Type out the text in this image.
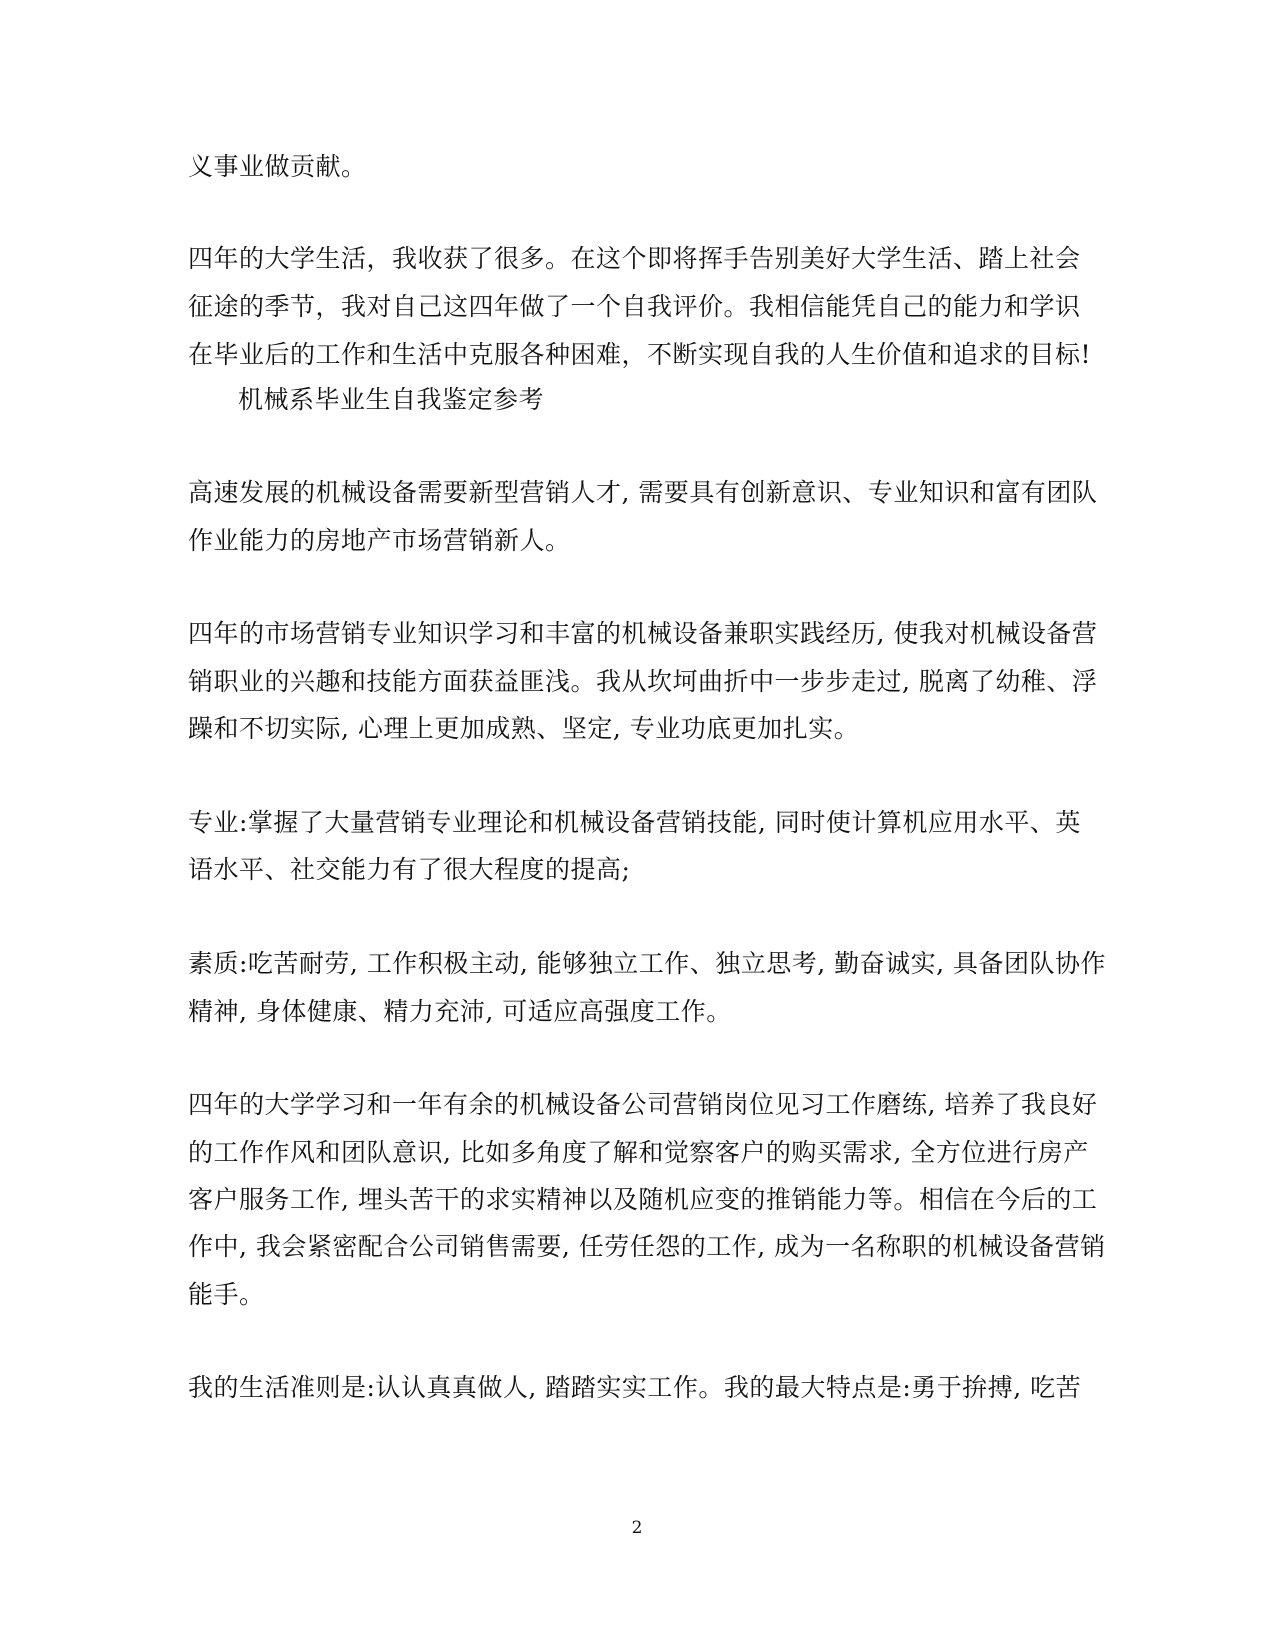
义事业做贡献。
四年的大学生活，我收获了很多。在这个即将挥手告别美好大学生活、踏上社会
征途的季节，我对自己这四年做了一个自我评价。我相信能凭自己的能力和学识
在毕业后的工作和生活中克服各种困难，不断实现自我的人生价值和追求的目标!
机械系毕业生自我鉴定参考
高速发展的机械设备需要新型营销人才, 需要具有创新意识、专业知识和富有团队
作业能力的房地产市场营销新人。
四年的市场营销专业知识学习和丰富的机械设备兼职实践经历, 使我对机械设备营
销职业的兴趣和技能方面获益匪浅。我从坎坷曲折中一步步走过, 脱离了幼稚、浮
躁和不切实际, 心理上更加成熟、坚定, 专业功底更加扎实。
专业:掌握了大量营销专业理论和机械设备营销技能, 同时使计算机应用水平、英
语水平、社交能力有了很大程度的提高;
素质:吃苦耐劳, 工作积极主动, 能够独立工作、独立思考, 勤奋诚实, 具备团队协作
精神, 身体健康、精力充沛, 可适应高强度工作。
四年的大学学习和一年有余的机械设备公司营销岗位见习工作磨练, 培养了我良好
的工作作风和团队意识, 比如多角度了解和觉察客户的购买需求, 全方位进行房产
客户服务工作, 埋头苦干的求实精神以及随机应变的推销能力等。相信在今后的工
作中, 我会紧密配合公司销售需要, 任劳任怨的工作, 成为一名称职的机械设备营销
能手。
我的生活准则是:认认真真做人, 踏踏实实工作。我的最大特点是:勇于拚搏, 吃苦
2
